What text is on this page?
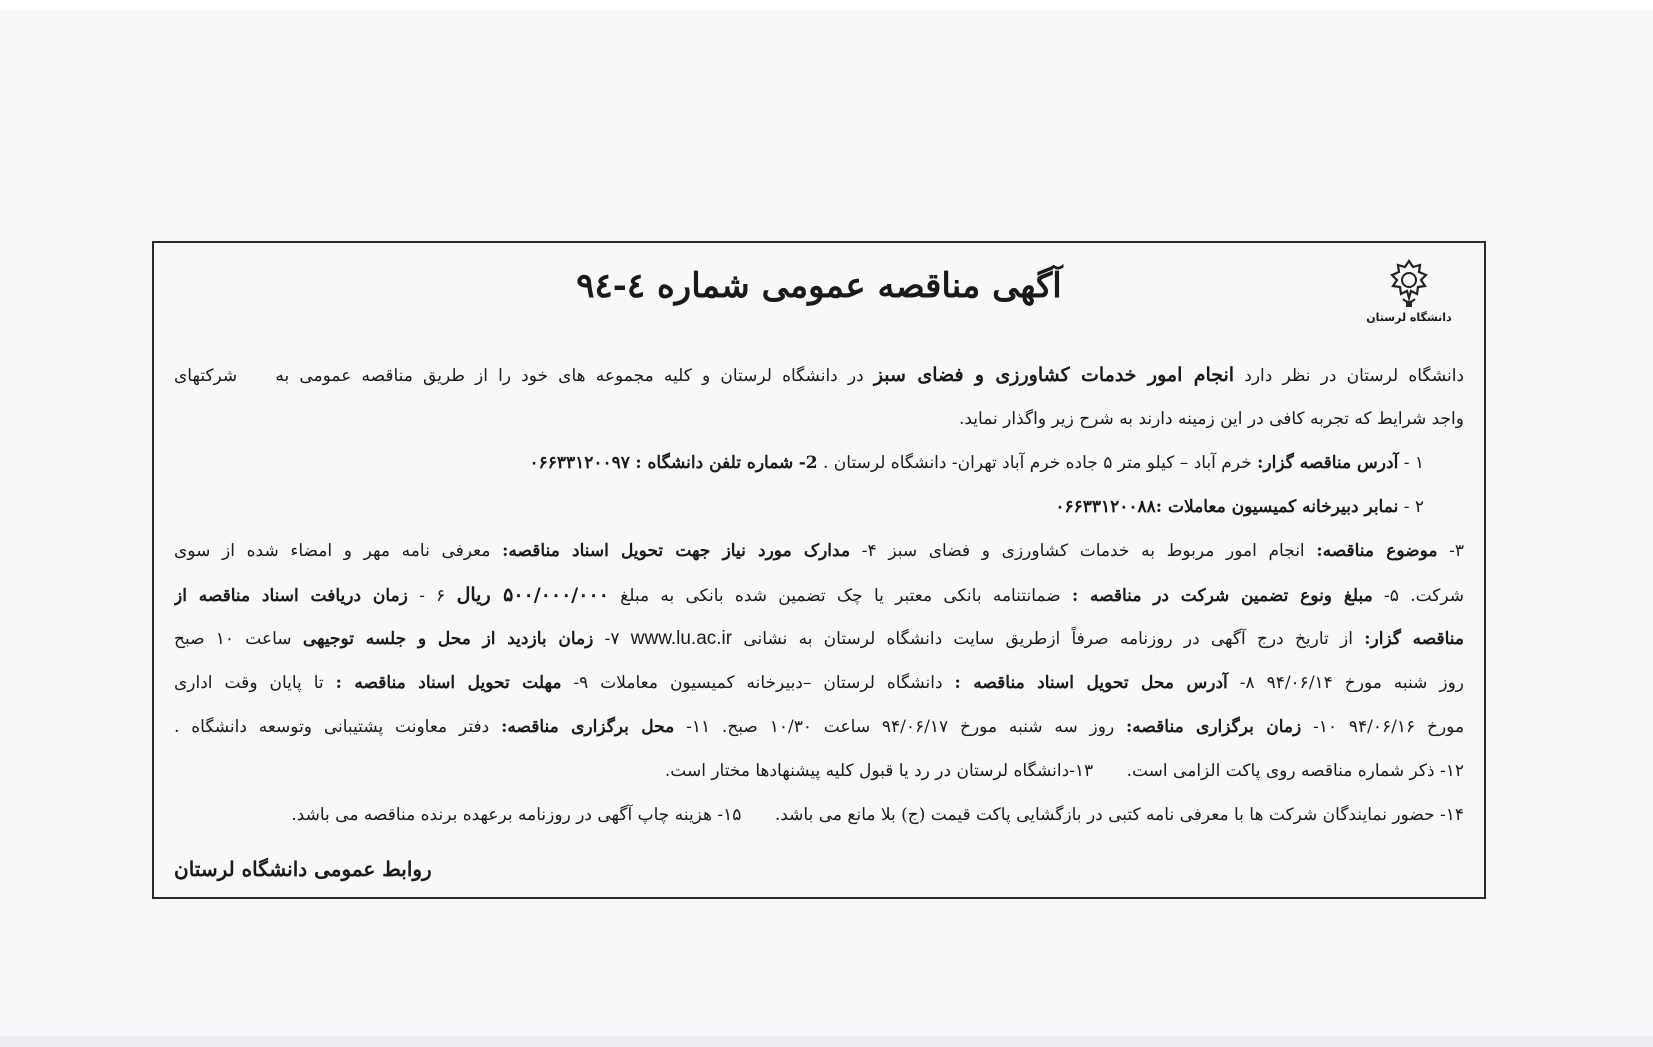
دانشگاه لرستان
آگهی مناقصه عمومی شماره ٤-٩٤
دانشگاه لرستان در نظر دارد انجام امور خدمات کشاورزی و فضای سبز در دانشگاه لرستان و کلیه مجموعه های خود را از طریق مناقصه عمومی به شرکتهای
واجد شرایط که تجربه کافی در این زمینه دارند به شرح زیر واگذار نماید.
١ - آدرس مناقصه گزار: خرم آباد – کیلو متر ۵ جاده خرم آباد تهران- دانشگاه لرستان . 2- شماره تلفن دانشگاه : ۰۶۶۳۳۱۲۰۰۹۷
٢ - نمابر دبیرخانه کمیسیون معاملات :۰۶۶۳۳۱۲۰۰۸۸
۳- موضوع مناقصه: انجام امور مربوط به خدمات کشاورزی و فضای سبز ۴- مدارک مورد نیاز جهت تحویل اسناد مناقصه: معرفی نامه مهر و امضاء شده از سوی
شرکت. ۵- مبلغ ونوع تضمین شرکت در مناقصه : ضمانتنامه بانکی معتبر یا چک تضمین شده بانکی به مبلغ ۵۰۰/۰۰۰/۰۰۰ ریال ۶ - زمان دریافت اسناد مناقصه از
مناقصه گزار: از تاریخ درج آگهی در روزنامه صرفاً ازطریق سایت دانشگاه لرستان به نشانی www.lu.ac.ir ٧- زمان بازدید از محل و جلسه توجیهی ساعت ۱۰ صبح
روز شنبه مورخ ۹۴/۰۶/۱۴ ۸- آدرس محل تحویل اسناد مناقصه : دانشگاه لرستان –دبیرخانه کمیسیون معاملات ۹- مهلت تحویل اسناد مناقصه : تا پایان وقت اداری
مورخ ۹۴/۰۶/۱۶ ۱۰- زمان برگزاری مناقصه: روز سه شنبه مورخ ۹۴/۰۶/۱۷ ساعت ۱۰/۳۰ صبح. ۱۱- محل برگزاری مناقصه: دفتر معاونت پشتیبانی وتوسعه دانشگاه .
۱۲- ذکر شماره مناقصه روی پاکت الزامی است. ۱۳-دانشگاه لرستان در رد یا قبول کلیه پیشنهادها مختار است.
۱۴- حضور نمایندگان شرکت ها با معرفی نامه کتبی در بازگشایی پاکت قیمت (ج) بلا مانع می باشد. ۱۵- هزینه چاپ آگهی در روزنامه برعهده برنده مناقصه می باشد.
روابط عمومی دانشگاه لرستان
